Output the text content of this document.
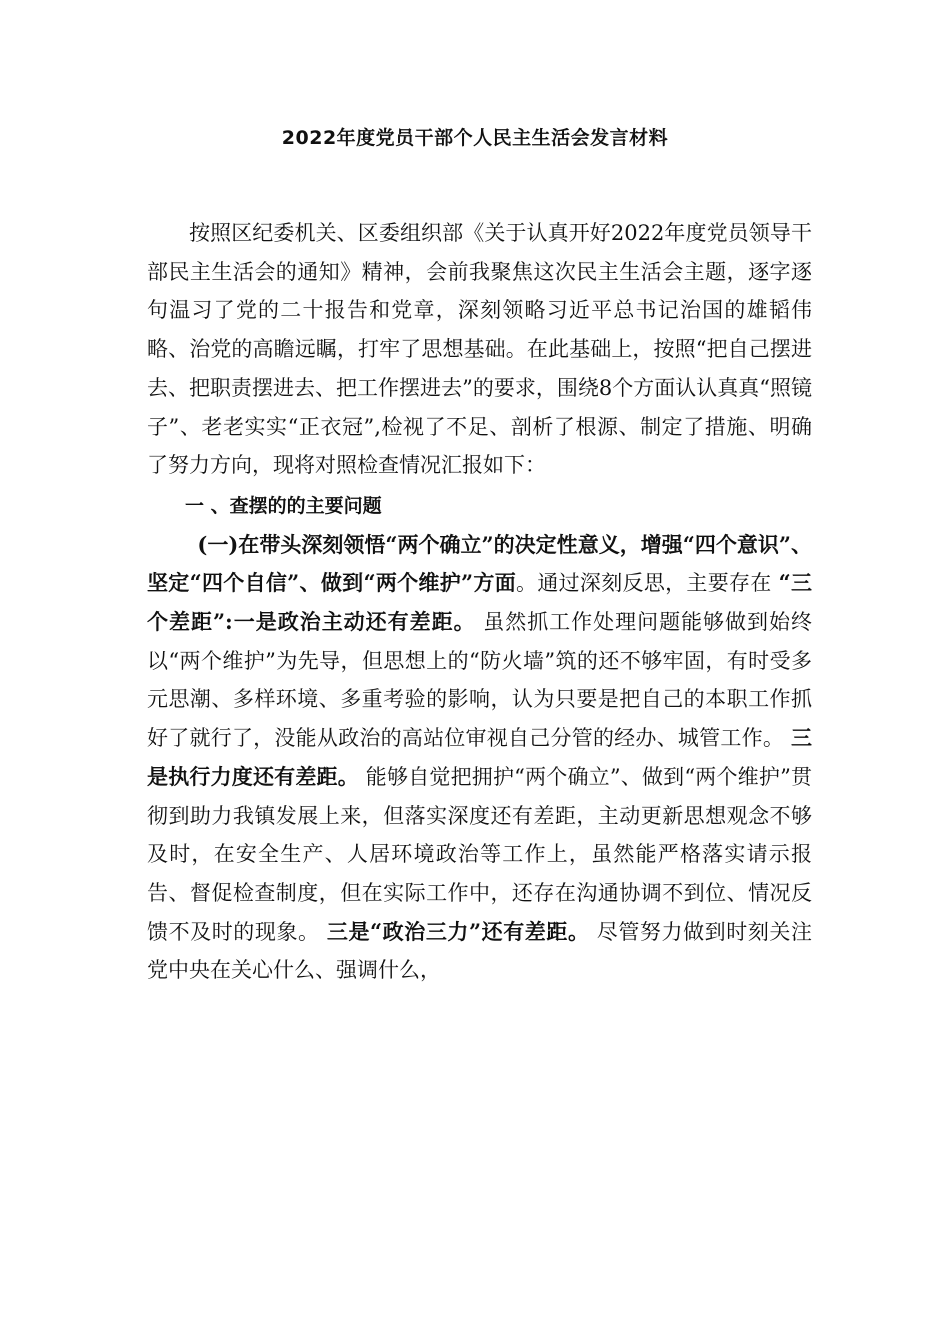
2022年度党员干部个人民主生活会发言材料

按照区纪委机关、区委组织部《关于认真开好2022年度党员领导干部民主生活会的通知》精神，会前我聚焦这次民主生活会主题，逐字逐句温习了党的二十报告和党章，深刻领略习近平总书记治国的雄韬伟略、治党的高瞻远瞩，打牢了思想基础。在此基础上，按照“把自己摆进去、把职责摆进去、把工作摆进去”的要求，围绕8个方面认认真真“照镜子”、老老实实“正衣冠”,检视了不足、剖析了根源、制定了措施、明确了努力方向，现将对照检查情况汇报如下：

一 、查摆的的主要问题

(一)在带头深刻领悟“两个确立”的决定性意义，增强“四个意识”、坚定“四个自信”、做到“两个维护”方面。通过深刻反思，主要存在 “三个差距”:一是政治主动还有差距。 虽然抓工作处理问题能够做到始终以“两个维护”为先导，但思想上的“防火墙”筑的还不够牢固，有时受多元思潮、多样环境、多重考验的影响，认为只要是把自己的本职工作抓好了就行了，没能从政治的高站位审视自己分管的经办、城管工作。 三是执行力度还有差距。 能够自觉把拥护“两个确立”、做到“两个维护”贯彻到助力我镇发展上来，但落实深度还有差距，主动更新思想观念不够及时，在安全生产、人居环境政治等工作上，虽然能严格落实请示报告、督促检查制度，但在实际工作中，还存在沟通协调不到位、情况反馈不及时的现象。 三是“政治三力”还有差距。 尽管努力做到时刻关注党中央在关心什么、强调什么，
